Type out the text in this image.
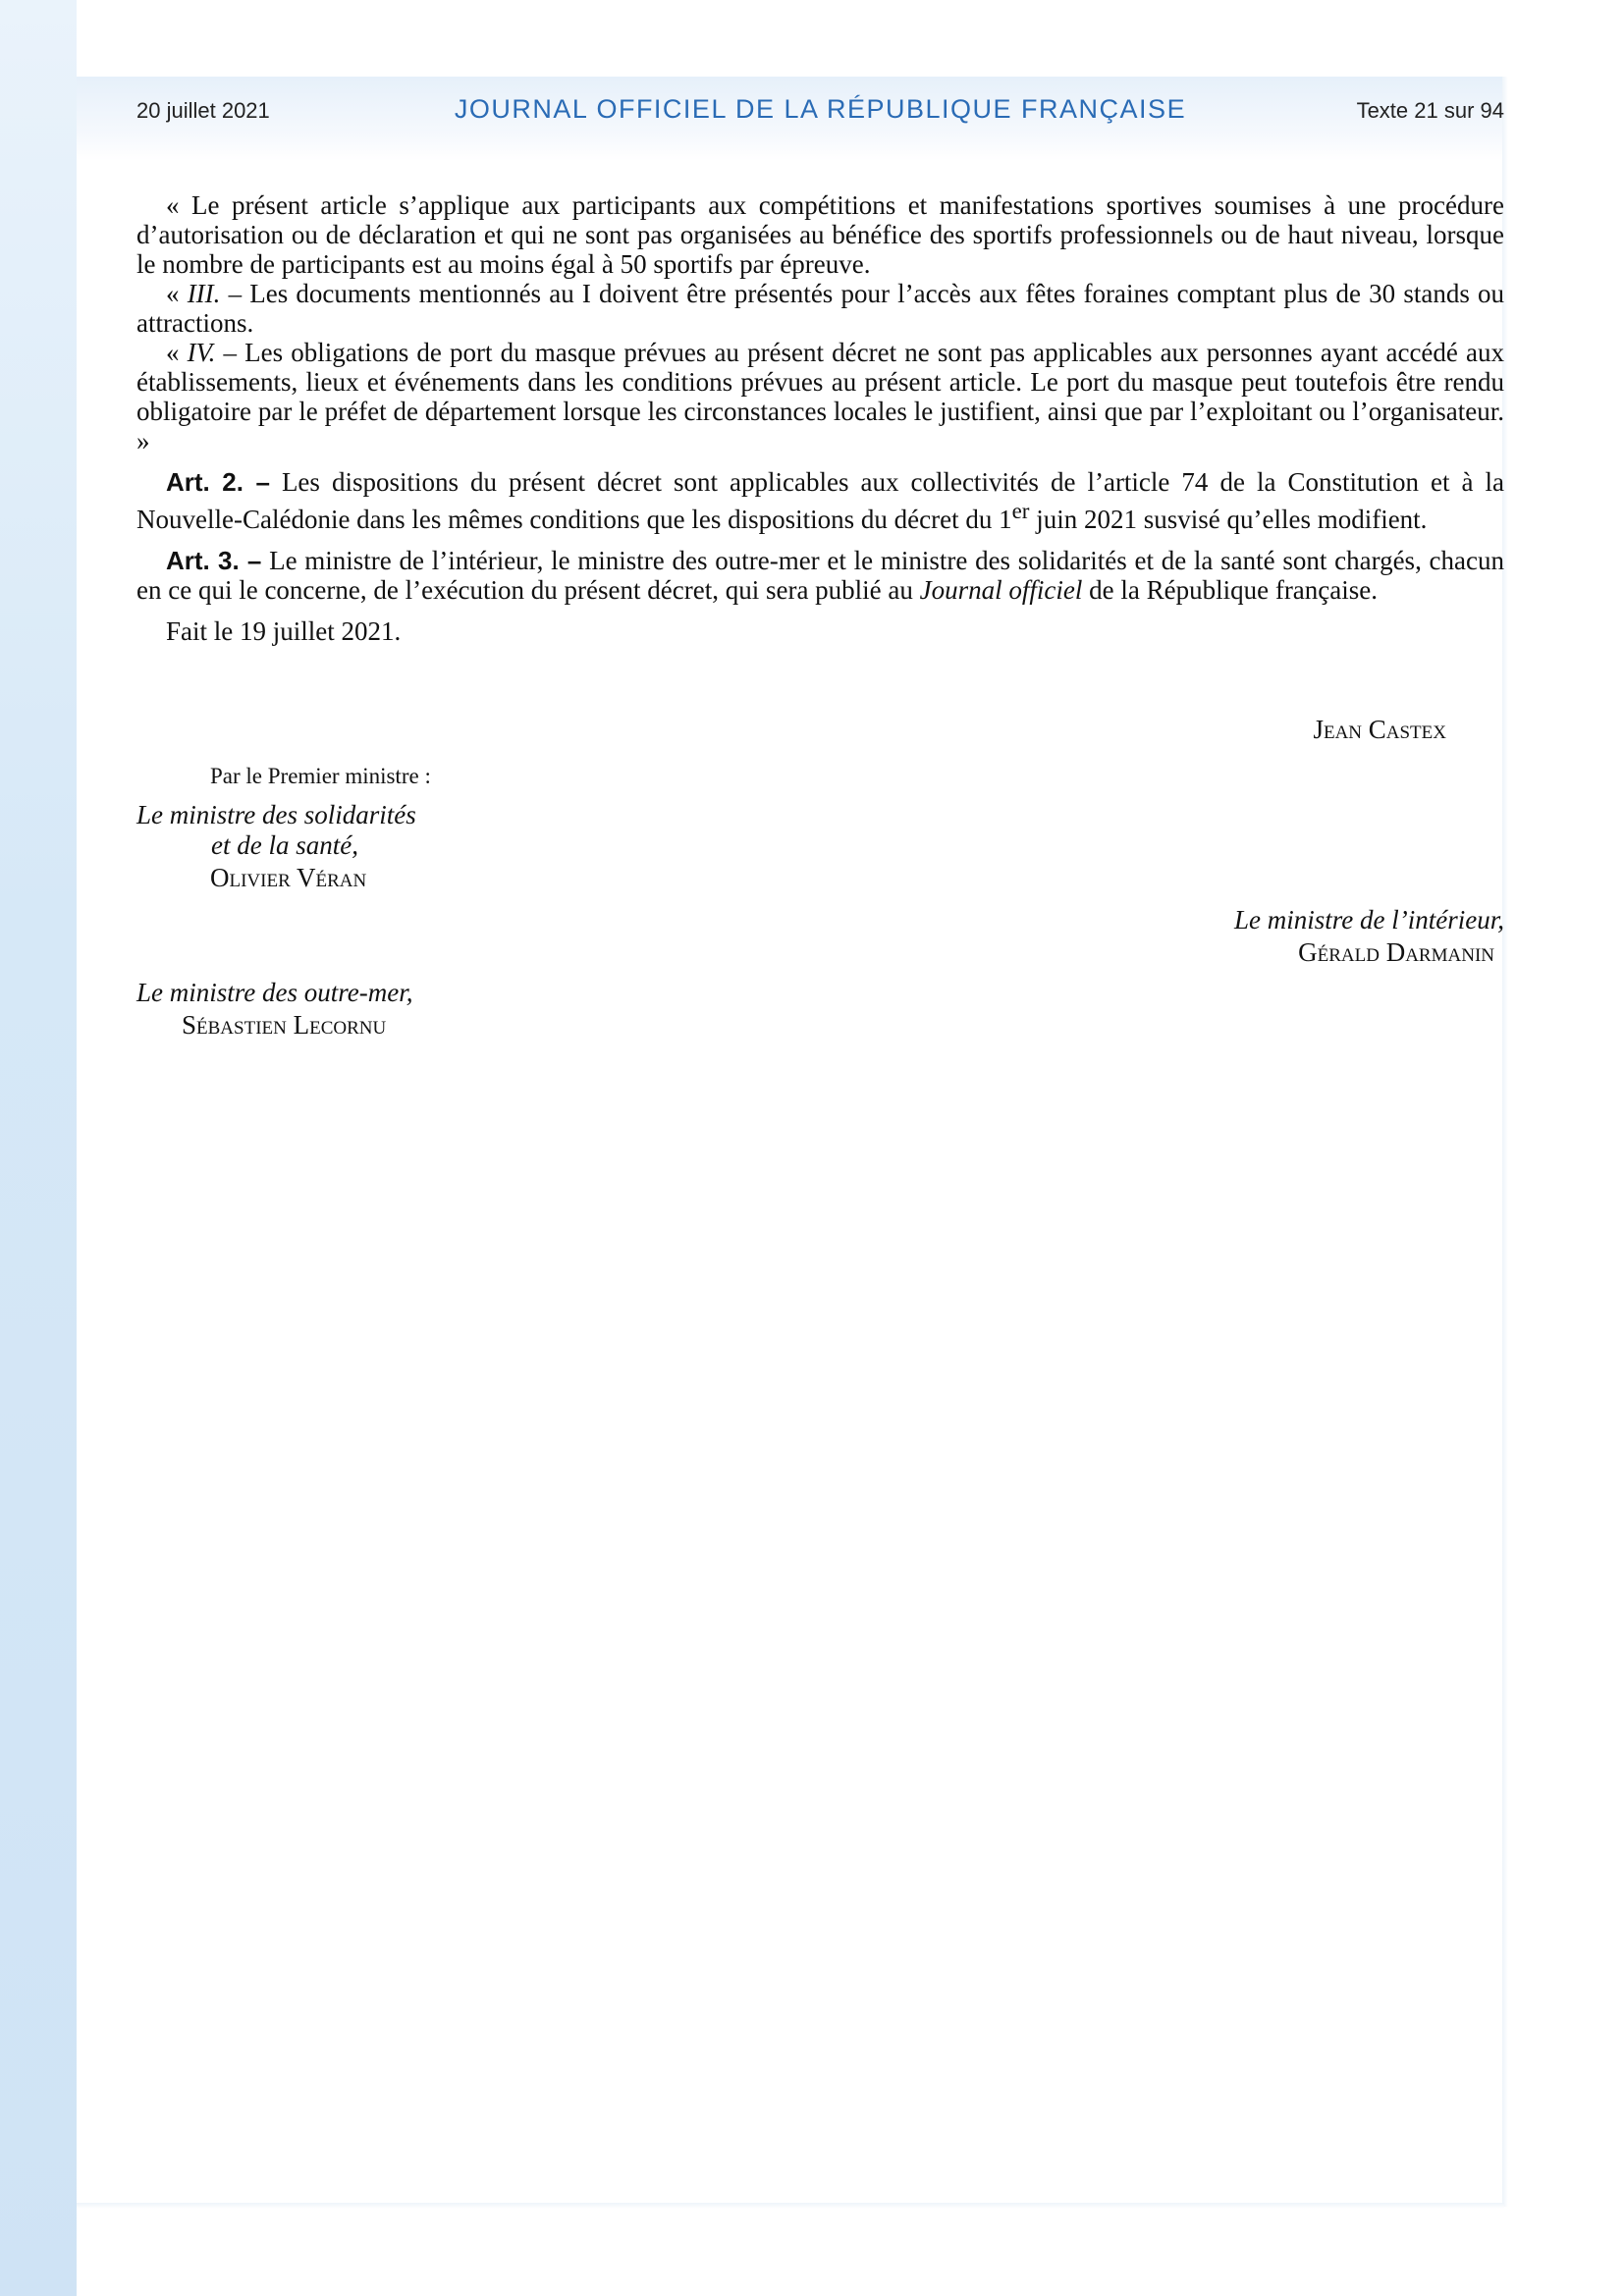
20 juillet 2021	JOURNAL OFFICIEL DE LA RÉPUBLIQUE FRANÇAISE	Texte 21 sur 94

« Le présent article s’applique aux participants aux compétitions et manifestations sportives soumises à une procédure d’autorisation ou de déclaration et qui ne sont pas organisées au bénéfice des sportifs professionnels ou de haut niveau, lorsque le nombre de participants est au moins égal à 50 sportifs par épreuve.

« III. – Les documents mentionnés au I doivent être présentés pour l’accès aux fêtes foraines comptant plus de 30 stands ou attractions.

« IV. – Les obligations de port du masque prévues au présent décret ne sont pas applicables aux personnes ayant accédé aux établissements, lieux et événements dans les conditions prévues au présent article. Le port du masque peut toutefois être rendu obligatoire par le préfet de département lorsque les circonstances locales le justifient, ainsi que par l’exploitant ou l’organisateur. »

Art. 2. – Les dispositions du présent décret sont applicables aux collectivités de l’article 74 de la Constitution et à la Nouvelle-Calédonie dans les mêmes conditions que les dispositions du décret du 1er juin 2021 susvisé qu’elles modifient.

Art. 3. – Le ministre de l’intérieur, le ministre des outre-mer et le ministre des solidarités et de la santé sont chargés, chacun en ce qui le concerne, de l’exécution du présent décret, qui sera publié au Journal officiel de la République française.

Fait le 19 juillet 2021.

Jean Castex
Par le Premier ministre :
Le ministre des solidarités
et de la santé,
Olivier Véran
Le ministre de l’intérieur,
Gérald Darmanin
Le ministre des outre-mer,
Sébastien Lecornu
